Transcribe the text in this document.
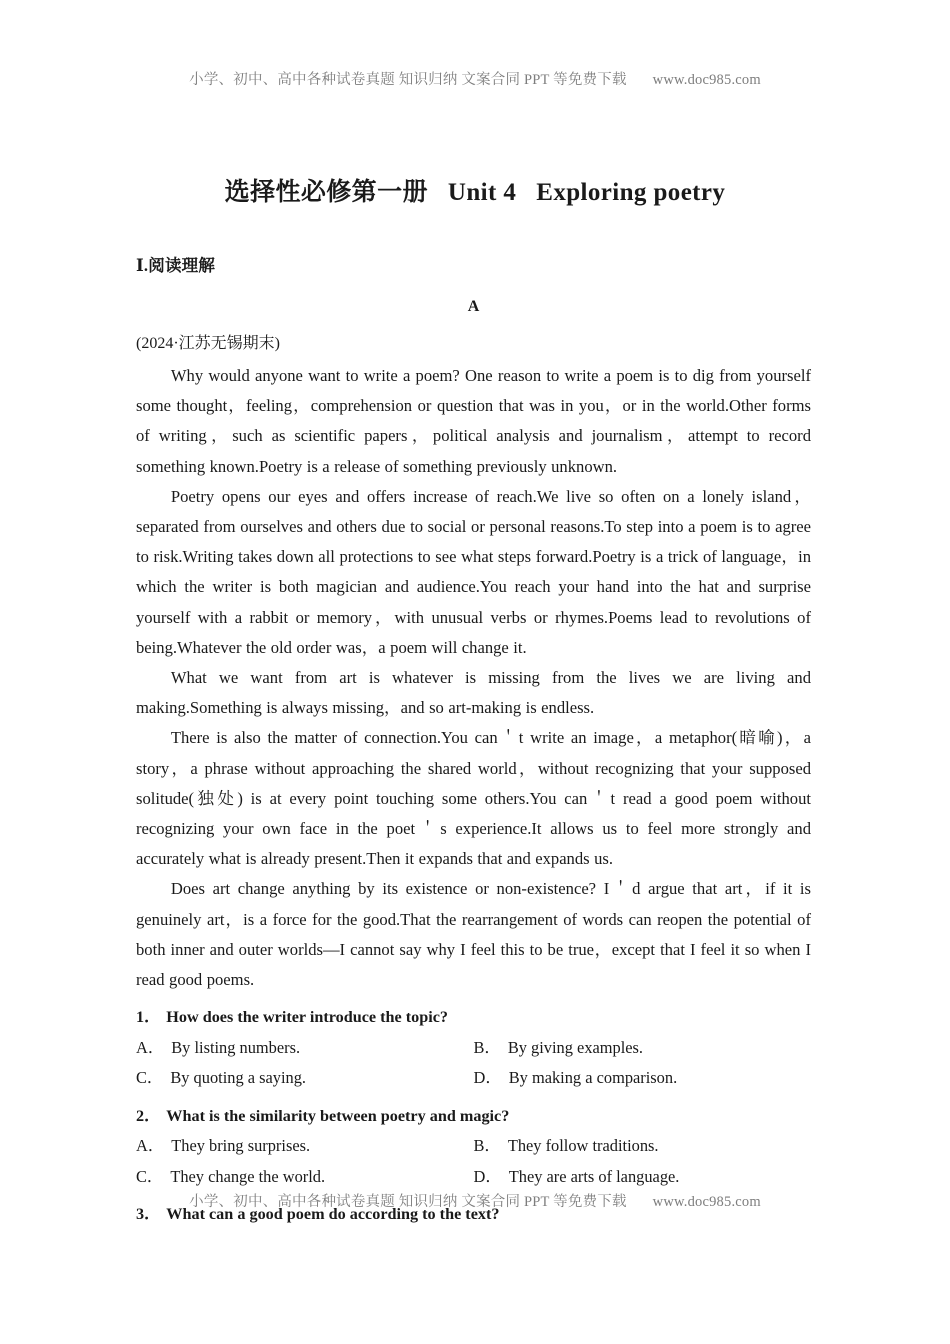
小学、初中、高中各种试卷真题 知识归纳 文案合同 PPT 等免费下载 www.doc985.com
选择性必修第一册 Unit 4 Exploring poetry
Ⅰ.阅读理解
A
(2024·江苏无锡期末)

Why would anyone want to write a poem? One reason to write a poem is to dig from yourself some thought，feeling，comprehension or question that was in you，or in the world.Other forms of writing，such as scientific papers，political analysis and journalism，attempt to record something known.Poetry is a release of something previously unknown.

Poetry opens our eyes and offers increase of reach.We live so often on a lonely island，separated from ourselves and others due to social or personal reasons.To step into a poem is to agree to risk.Writing takes down all protections to see what steps forward.Poetry is a trick of language，in which the writer is both magician and audience.You reach your hand into the hat and surprise yourself with a rabbit or memory，with unusual verbs or rhymes.Poems lead to revolutions of being.Whatever the old order was，a poem will change it.

What we want from art is whatever is missing from the lives we are living and making.Something is always missing，and so art-making is endless.

There is also the matter of connection.You can＇t write an image，a metaphor(暗喻)，a story，a phrase without approaching the shared world，without recognizing that your supposed solitude(独处) is at every point touching some others.You can＇t read a good poem without recognizing your own face in the poet＇s experience.It allows us to feel more strongly and accurately what is already present.Then it expands that and expands us.

Does art change anything by its existence or non-existence? I＇d argue that art，if it is genuinely art，is a force for the good.That the rearrangement of words can reopen the potential of both inner and outer worlds—I cannot say why I feel this to be true，except that I feel it so when I read good poems.

1． How does the writer introduce the topic?
A． By listing numbers.	B． By giving examples.
C． By quoting a saying.	D． By making a comparison.
2． What is the similarity between poetry and magic?
A． They bring surprises.	B． They follow traditions.
C． They change the world.	D． They are arts of language.
3． What can a good poem do according to the text?
小学、初中、高中各种试卷真题 知识归纳 文案合同 PPT 等免费下载 www.doc985.com
